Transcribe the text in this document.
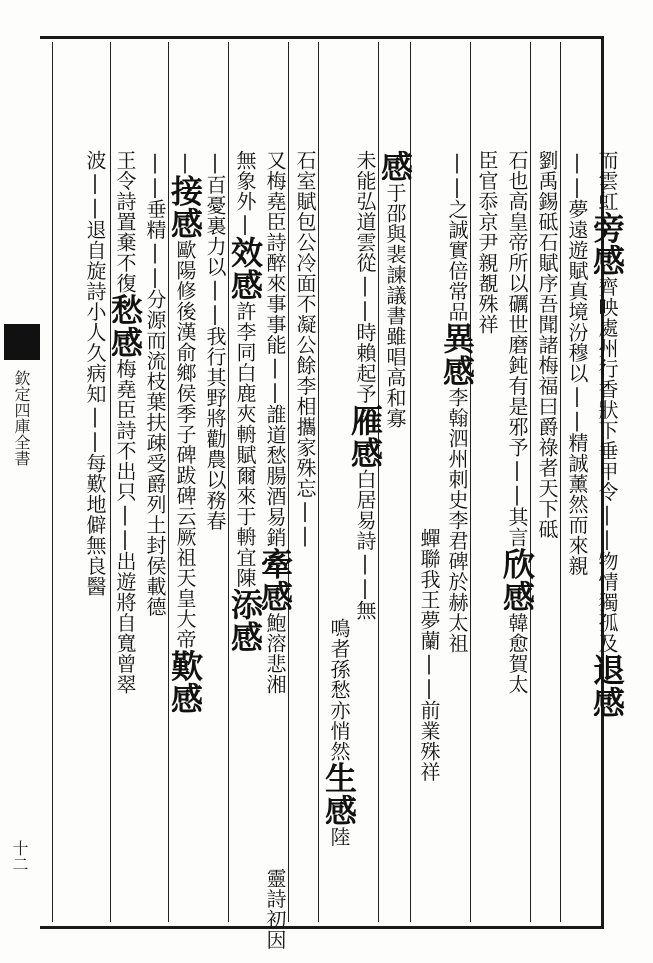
而雲虹旁感齊映處州行香狀下垂甲令||物情獨孤及退感

||夢遠遊賦真境汾穆以||精誠薰然而來親

劉禹錫砥石賦序吾聞諸梅福曰爵祿者天下砥

石也高皇帝所以礪世磨鈍有是邪予||其言欣感韓愈賀太

臣官忝京尹親覩殊祥

||之誠實倍常品異感李翰泗州刺史李君碑於赫太祖

蟬聯我王夢蘭||前業殊祥

感于邵與裴諫議書雖唱高和寡

未能弘道雲從||時賴起予雁感白居易詩||無

鳴者孫愁亦悄然生感陸

石室賦包公冷面不凝公餘李相攜家殊忘||

又梅堯臣詩醉來事事能||誰道愁腸酒易銷牽感鮑溶悲湘

靈詩初因

無象外|效感許李同白鹿夾輈賦爾來于輈宜陳添感

|百憂裏力以||我行其野將勸農以務春

|接感歐陽修後漢俞鄉侯季子碑跋碑云厥祖天皇大帝歎感

||垂精||分源而流枝葉扶疎受爵列土封侯載德

王令詩置棄不復愁感梅堯臣詩不出只||出遊將自寬曾翠

波||退自旋詩小人久病知||每歎地僻無良醫

欽定四庫全書
十二
